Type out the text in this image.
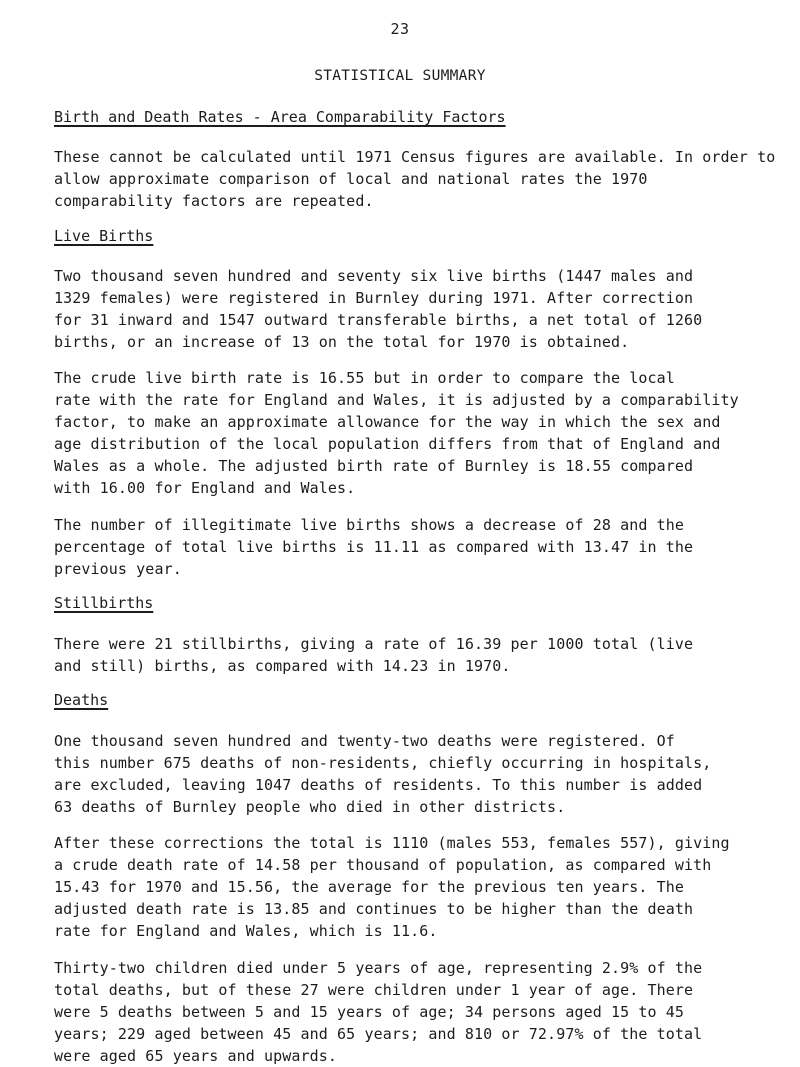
23
STATISTICAL SUMMARY
Birth and Death Rates - Area Comparability Factors

These cannot be calculated until 1971 Census figures are available. In order to
allow approximate comparison of local and national rates the 1970
comparability factors are repeated.

Live Births

Two thousand seven hundred and seventy six live births (1447 males and
1329 females) were registered in Burnley during 1971. After correction
for 31 inward and 1547 outward transferable births, a net total of 1260
births, or an increase of 13 on the total for 1970 is obtained.

The crude live birth rate is 16.55 but in order to compare the local
rate with the rate for England and Wales, it is adjusted by a comparability
factor, to make an approximate allowance for the way in which the sex and
age distribution of the local population differs from that of England and
Wales as a whole. The adjusted birth rate of Burnley is 18.55 compared
with 16.00 for England and Wales.

The number of illegitimate live births shows a decrease of 28 and the
percentage of total live births is 11.11 as compared with 13.47 in the
previous year.

Stillbirths

There were 21 stillbirths, giving a rate of 16.39 per 1000 total (live
and still) births, as compared with 14.23 in 1970.

Deaths

One thousand seven hundred and twenty-two deaths were registered. Of
this number 675 deaths of non-residents, chiefly occurring in hospitals,
are excluded, leaving 1047 deaths of residents. To this number is added
63 deaths of Burnley people who died in other districts.

After these corrections the total is 1110 (males 553, females 557), giving
a crude death rate of 14.58 per thousand of population, as compared with
15.43 for 1970 and 15.56, the average for the previous ten years. The
adjusted death rate is 13.85 and continues to be higher than the death
rate for England and Wales, which is 11.6.

Thirty-two children died under 5 years of age, representing 2.9% of the
total deaths, but of these 27 were children under 1 year of age. There
were 5 deaths between 5 and 15 years of age; 34 persons aged 15 to 45
years; 229 aged between 45 and 65 years; and 810 or 72.97% of the total
were aged 65 years and upwards.
